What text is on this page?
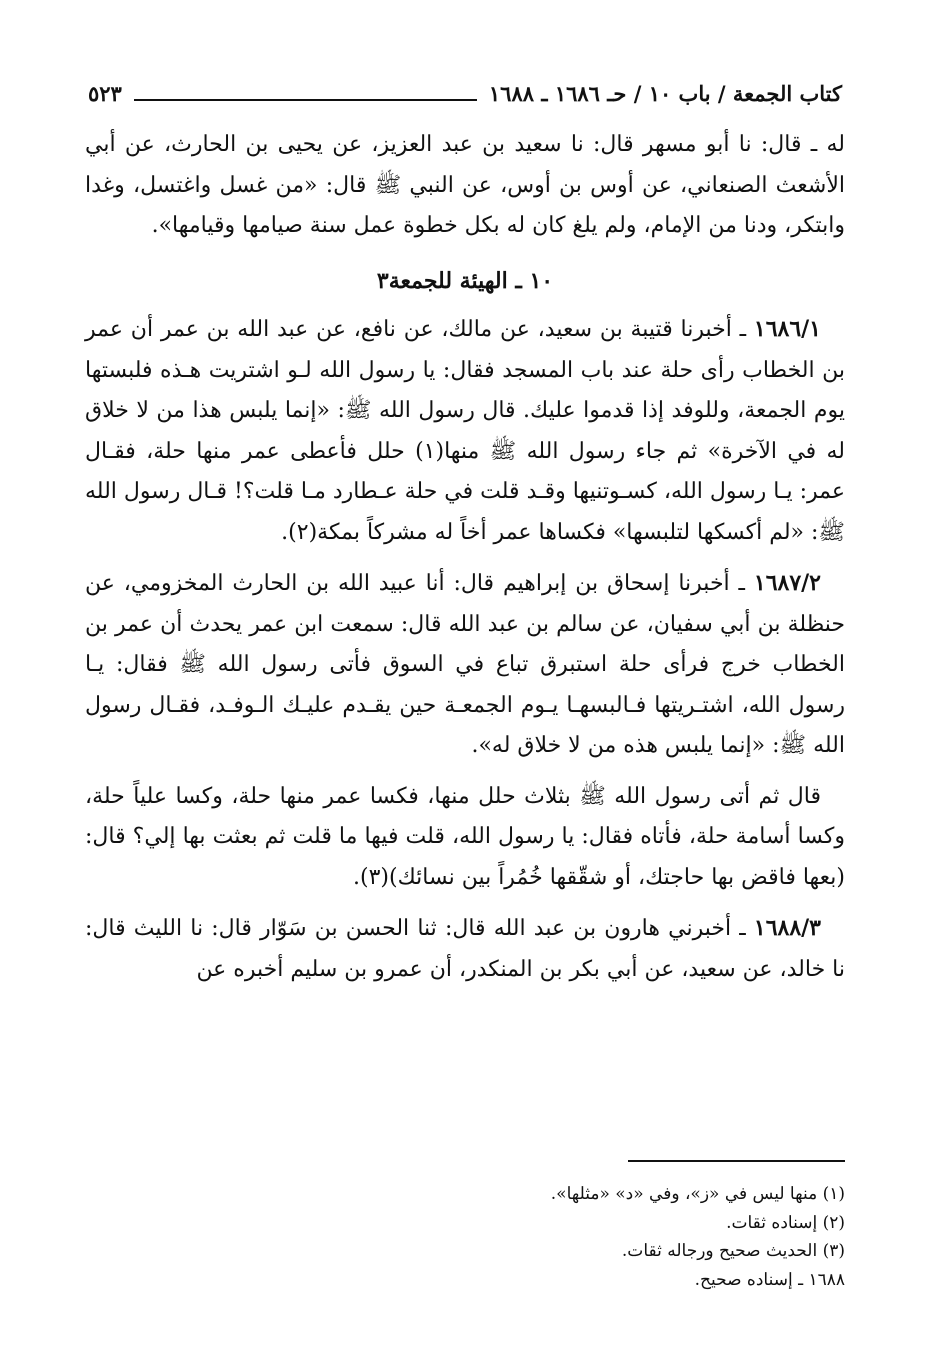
كتاب الجمعة / باب ١٠ / حـ ١٦٨٦ ـ ١٦٨٨
٥٢٣

له ـ قال: نا أبو مسهر قال: نا سعيد بن عبد العزيز، عن يحيى بن الحارث، عن أبي الأشعث الصنعاني، عن أوس بن أوس، عن النبي ﷺ قال: «من غسل واغتسل، وغدا وابتكر، ودنا من الإمام، ولم يلغ كان له بكل خطوة عمل سنة صيامها وقيامها».

١٠ ـ الهيئة للجمعة٣

١٦٨٦/١ ـ أخبرنا قتيبة بن سعيد، عن مالك، عن نافع، عن عبد الله بن عمر أن عمر بن الخطاب رأى حلة عند باب المسجد فقال: يا رسول الله لـو اشتريت هـذه فلبستها يوم الجمعة، وللوفد إذا قدموا عليك. قال رسول الله ﷺ: «إنما يلبس هذا من لا خلاق له في الآخرة» ثم جاء رسول الله ﷺ منها(١) حلل فأعطى عمر منها حلة، فقـال عمر: يـا رسول الله، كسـوتنيها وقـد قلت في حلة عـطارد مـا قلت؟! قـال رسول الله ﷺ: «لم أكسكها لتلبسها» فكساها عمر أخاً له مشركاً بمكة(٢).

١٦٨٧/٢ ـ أخبرنا إسحاق بن إبراهيم قال: أنا عبيد الله بن الحارث المخزومي، عن حنظلة بن أبي سفيان، عن سالم بن عبد الله قال: سمعت ابن عمر يحدث أن عمر بن الخطاب خرج فرأى حلة استبرق تباع في السوق فأتى رسول الله ﷺ فقال: يـا رسول الله، اشتـريتها فـالبسهـا يـوم الجمعـة حين يقـدم عليـك الـوفـد، فقـال رسول الله ﷺ: «إنما يلبس هذه من لا خلاق له».

قال ثم أتى رسول الله ﷺ بثلاث حلل منها، فكسا عمر منها حلة، وكسا علياً حلة، وكسا أسامة حلة، فأتاه فقال: يا رسول الله، قلت فيها ما قلت ثم بعثت بها إلي؟ قال: (بعها فاقض بها حاجتك، أو شقّقها خُمُراً بين نسائك)(٣).

١٦٨٨/٣ ـ أخبرني هارون بن عبد الله قال: ثنا الحسن بن سَوّار قال: نا الليث قال: نا خالد، عن سعيد، عن أبي بكر بن المنكدر، أن عمرو بن سليم أخبره عن

(١) منها ليس في «ز»، وفي «د» «مثلها».

(٢) إسناده ثقات.

(٣) الحديث صحيح ورجاله ثقات.

١٦٨٨ ـ إسناده صحيح.
